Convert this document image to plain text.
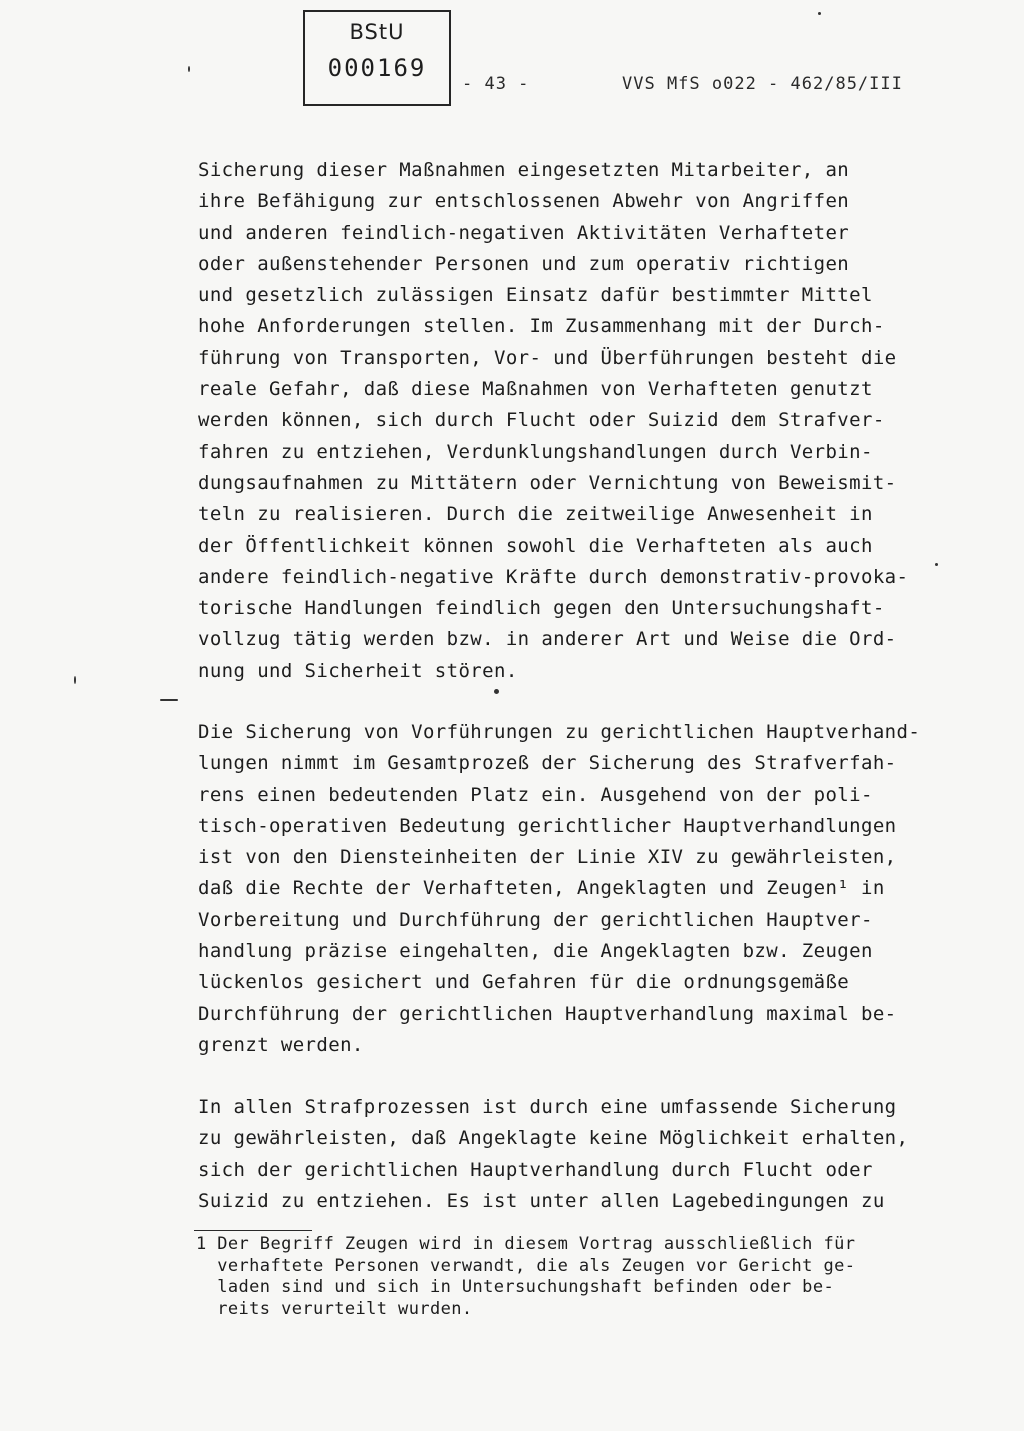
BStU
000169
- 43 -	VVS MfS o022 - 462/85/III

Sicherung dieser Maßnahmen eingesetzten Mitarbeiter, an
ihre Befähigung zur entschlossenen Abwehr von Angriffen
und anderen feindlich-negativen Aktivitäten Verhafteter
oder außenstehender Personen und zum operativ richtigen
und gesetzlich zulässigen Einsatz dafür bestimmter Mittel
hohe Anforderungen stellen. Im Zusammenhang mit der Durch-
führung von Transporten, Vor- und Überführungen besteht die
reale Gefahr, daß diese Maßnahmen von Verhafteten genutzt
werden können, sich durch Flucht oder Suizid dem Strafver-
fahren zu entziehen, Verdunklungshandlungen durch Verbin-
dungsaufnahmen zu Mittätern oder Vernichtung von Beweismit-
teln zu realisieren. Durch die zeitweilige Anwesenheit in
der Öffentlichkeit können sowohl die Verhafteten als auch
andere feindlich-negative Kräfte durch demonstrativ-provoka-
torische Handlungen feindlich gegen den Untersuchungshaft-
vollzug tätig werden bzw. in anderer Art und Weise die Ord-
nung und Sicherheit stören.

Die Sicherung von Vorführungen zu gerichtlichen Hauptverhand-
lungen nimmt im Gesamtprozeß der Sicherung des Strafverfah-
rens einen bedeutenden Platz ein. Ausgehend von der poli-
tisch-operativen Bedeutung gerichtlicher Hauptverhandlungen
ist von den Diensteinheiten der Linie XIV zu gewährleisten,
daß die Rechte der Verhafteten, Angeklagten und Zeugen¹ in
Vorbereitung und Durchführung der gerichtlichen Hauptver-
handlung präzise eingehalten, die Angeklagten bzw. Zeugen
lückenlos gesichert und Gefahren für die ordnungsgemäße
Durchführung der gerichtlichen Hauptverhandlung maximal be-
grenzt werden.

In allen Strafprozessen ist durch eine umfassende Sicherung
zu gewährleisten, daß Angeklagte keine Möglichkeit erhalten,
sich der gerichtlichen Hauptverhandlung durch Flucht oder
Suizid zu entziehen. Es ist unter allen Lagebedingungen zu

1 Der Begriff Zeugen wird in diesem Vortrag ausschließlich für
verhaftete Personen verwandt, die als Zeugen vor Gericht ge-
laden sind und sich in Untersuchungshaft befinden oder be-
reits verurteilt wurden.
